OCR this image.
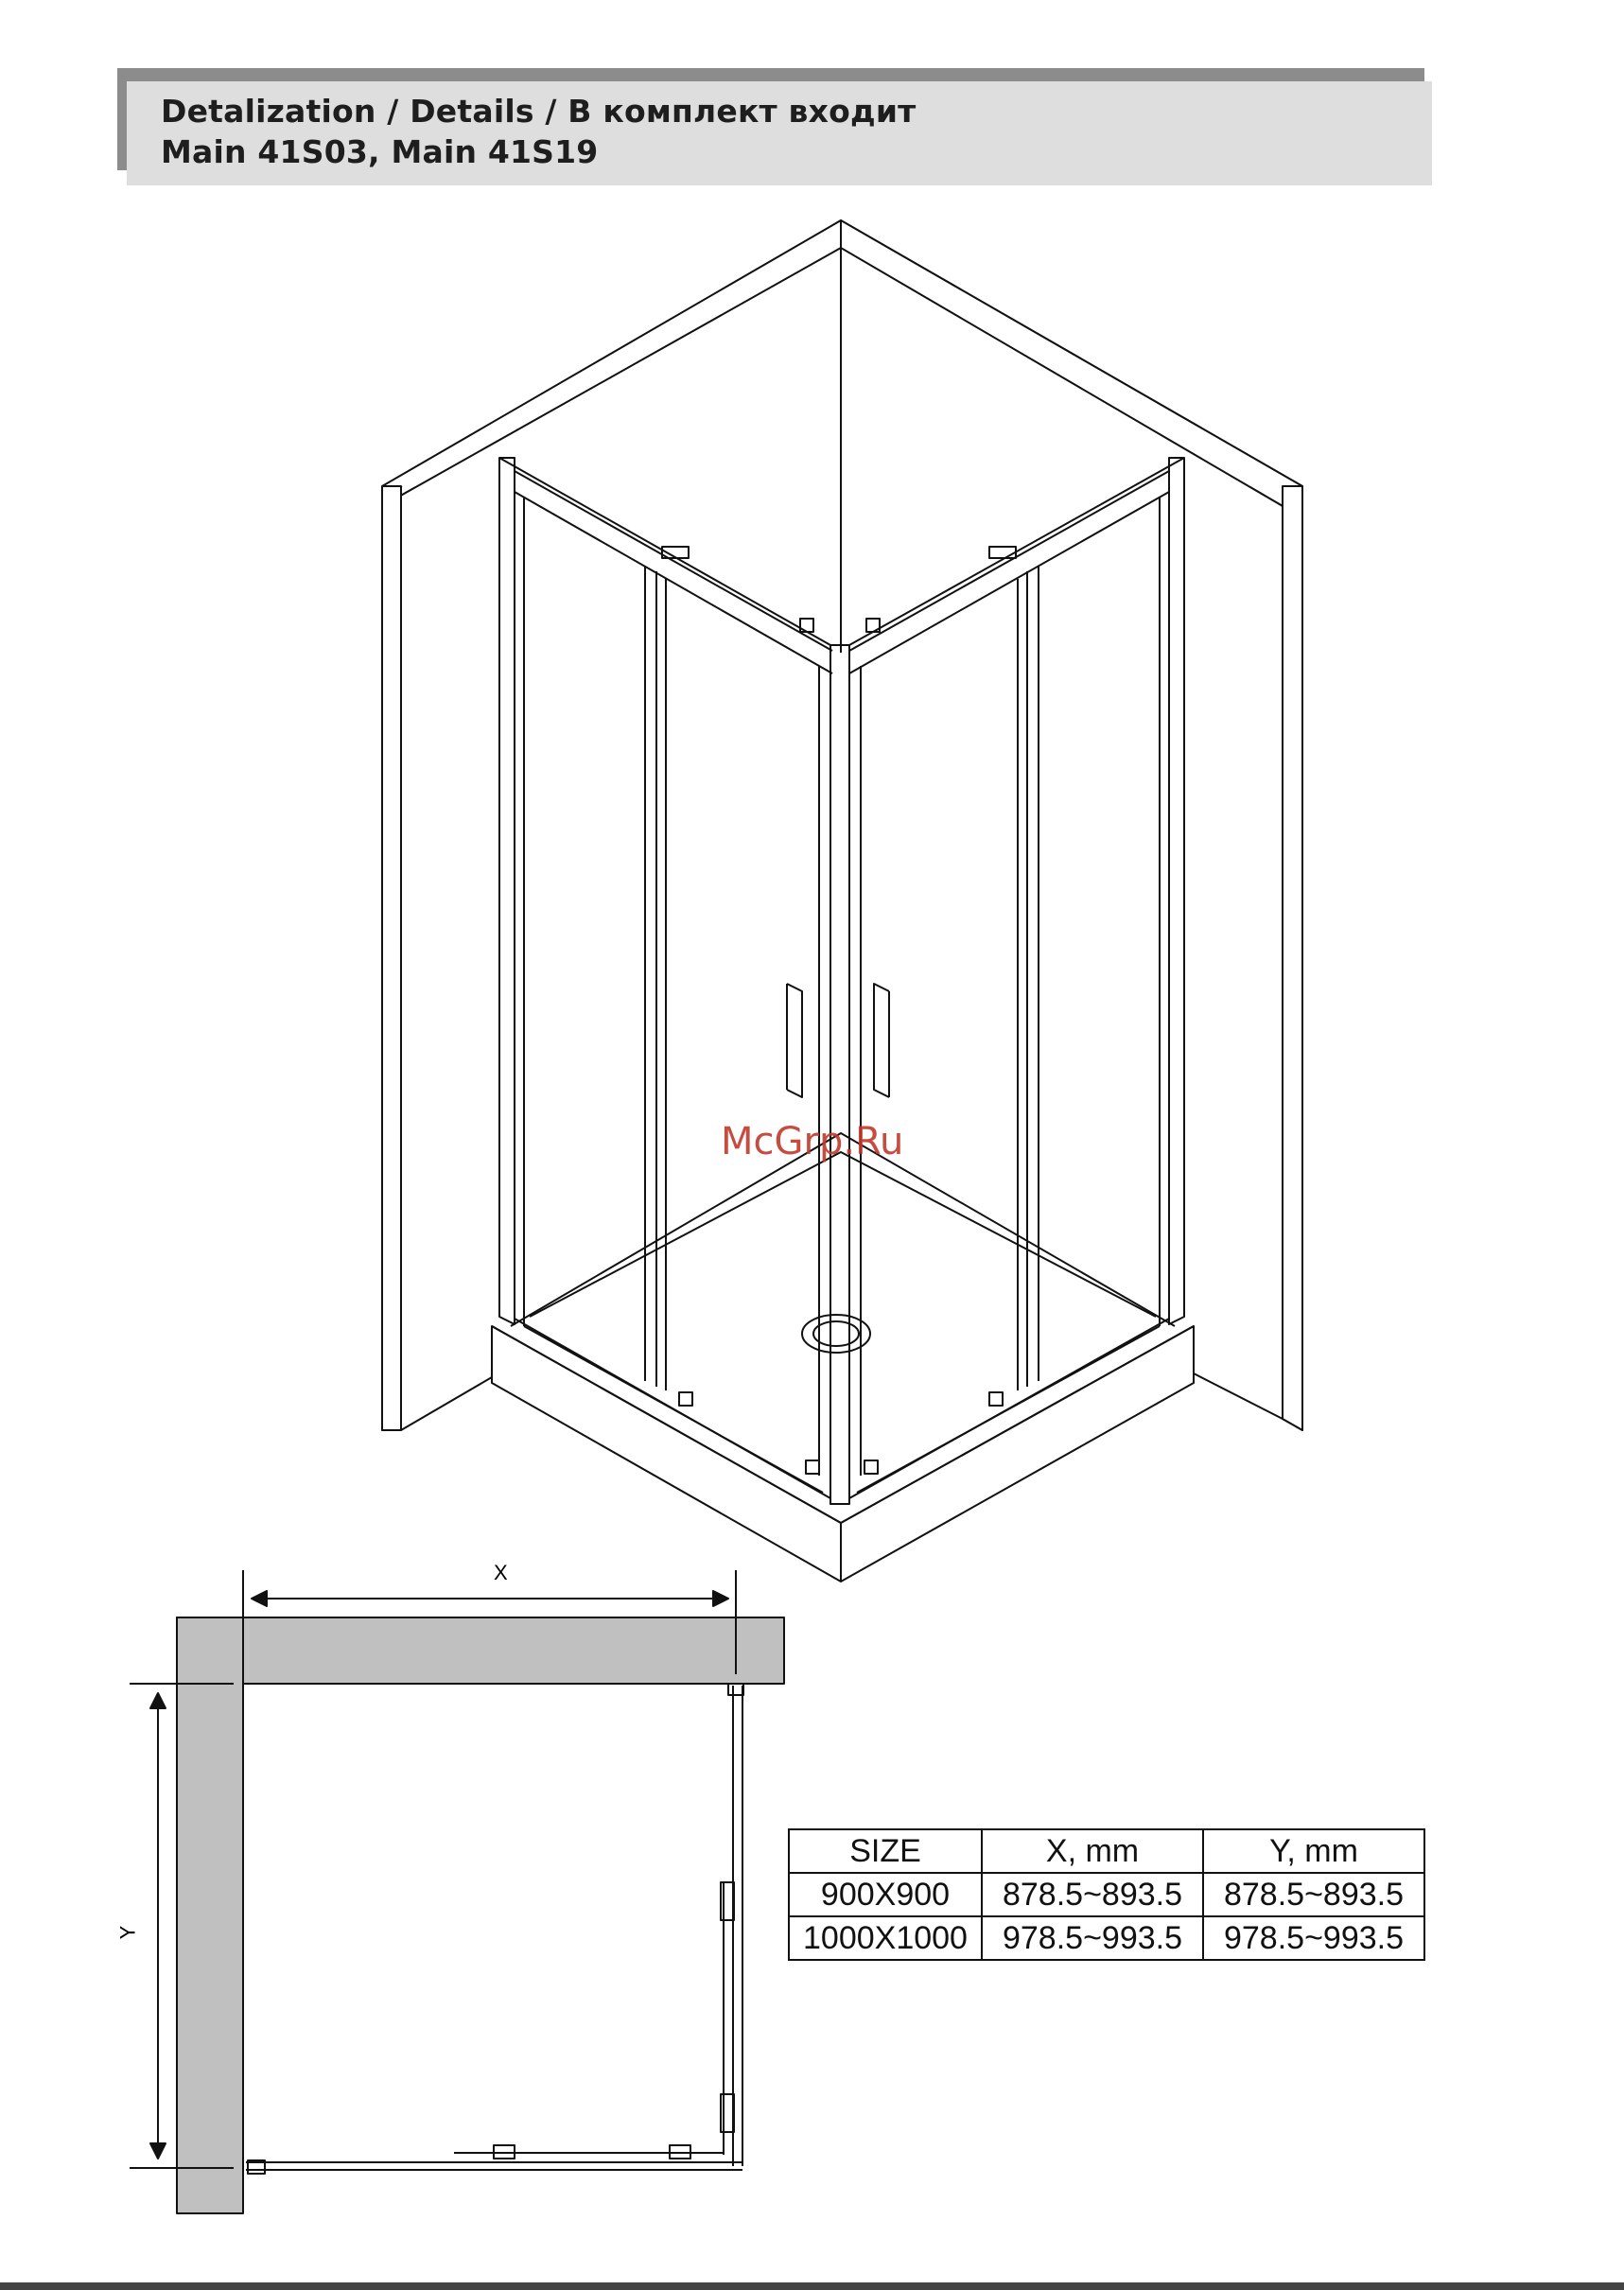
Detalization / Details / В комплект входит
Main 41S03, Main 41S19
McGrp.Ru
X
Y
SIZE	X, mm	Y, mm
900X900	878.5~893.5	878.5~893.5
1000X1000	978.5~993.5	978.5~993.5
